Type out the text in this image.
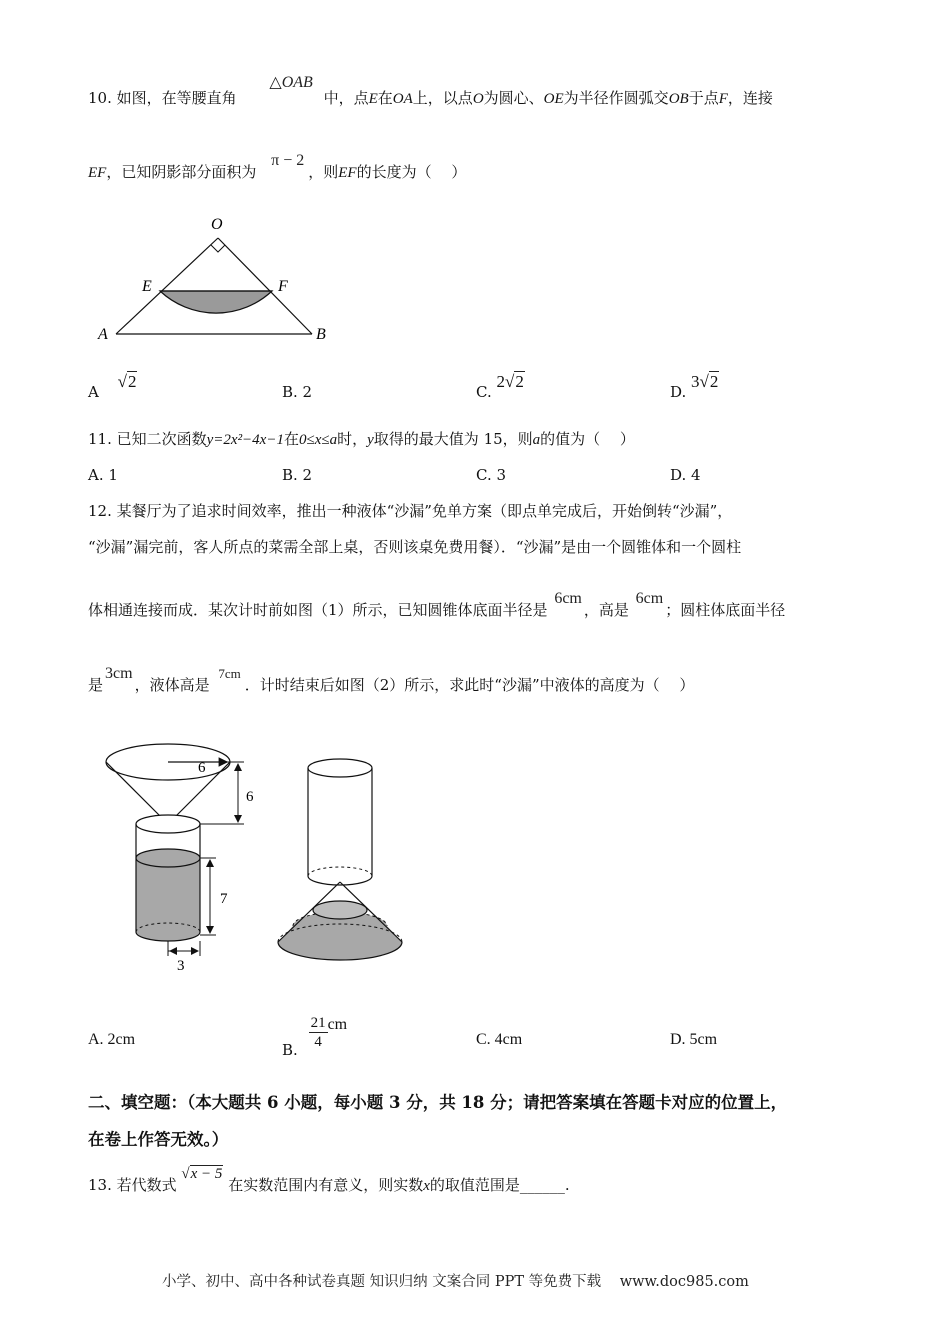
10. 如图，在等腰直角 △OAB 中，点E在OA上，以点O为圆心、OE为半径作圆弧交OB于点F，连接
EF，已知阴影部分面积为 π − 2，则EF的长度为（　 ）
O
E	F
A	B
A √2
B. 2	C. 2√2
D. 3√2
11. 已知二次函数y=2x²−4x−1在0≤x≤a时，y取得的最大值为 15，则a的值为（　 ）
A. 1	B. 2	C. 3	D. 4
12. 某餐厅为了追求时间效率，推出一种液体“沙漏”免单方案（即点单完成后，开始倒转“沙漏”，
“沙漏”漏完前，客人所点的菜需全部上桌，否则该桌免费用餐）．“沙漏”是由一个圆锥体和一个圆柱
体相通连接而成．某次计时前如图（1）所示，已知圆锥体底面半径是 6cm，高是 6cm；圆柱体底面半径
是3cm，液体高是 7cm．计时结束后如图（2）所示，求此时“沙漏”中液体的高度为（　 ）
6
6
7
3
A. 2cm
B. $\frac{21}{4}$ cm
C. 4cm	D. 5cm
二、填空题：（本大题共 6 小题，每小题 3 分，共 18 分；请把答案填在答题卡对应的位置上，
在卷上作答无效。）
13. 若代数式 √x − 5 在实数范围内有意义，则实数x的取值范围是______.
小学、初中、高中各种试卷真题 知识归纳 文案合同 PPT 等免费下载 www.doc985.com
